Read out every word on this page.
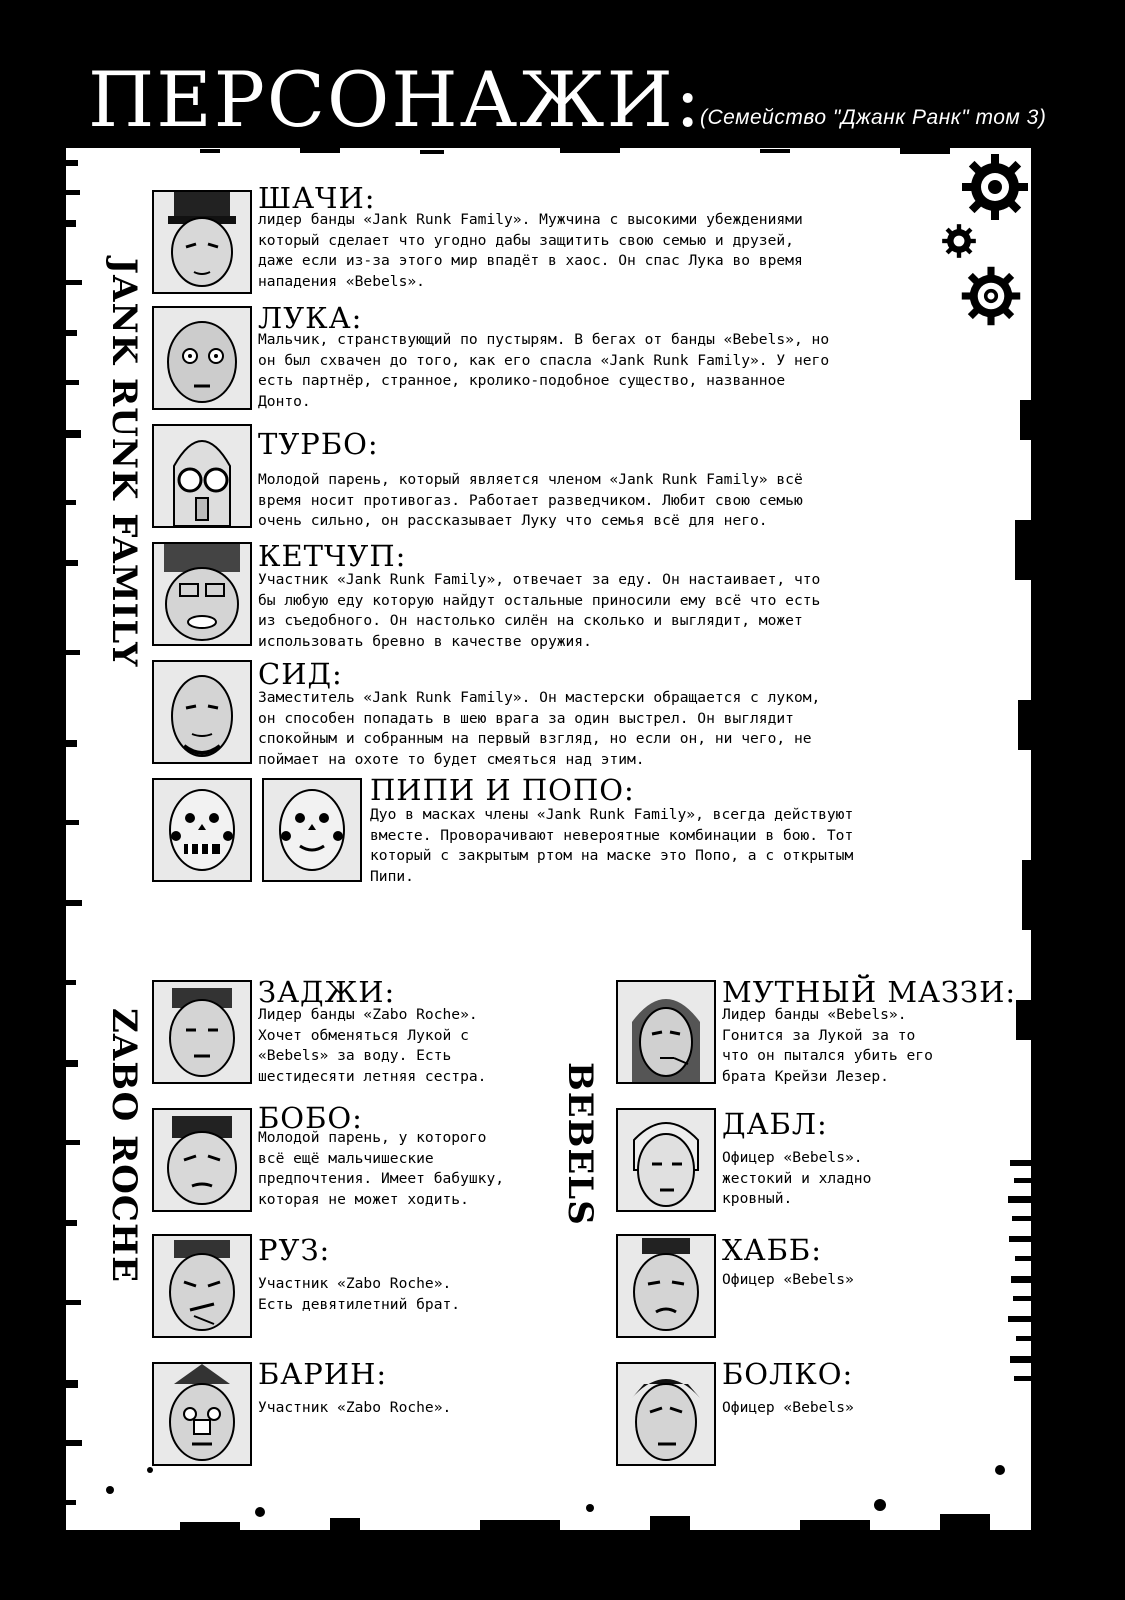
ПЕРСОНАЖИ:
(Семейство "Джанк Ранк" том 3)
JANK RUNK FAMILY
ZABO ROCHE	BEBELS
ШАЧИ:
лидер банды «Jank Runk Family». Мужчина с высокими убеждениями
который сделает что угодно дабы защитить свою семью и друзей,
даже если из-за этого мир впадёт в хаос. Он спас Лука во время
нападения «Bebels».
ЛУКА:
Мальчик, странствующий по пустырям. В бегах от банды «Bebels», но
он был схвачен до того, как его спасла «Jank Runk Family». У него
есть партнёр, странное, кролико-подобное существо, названное
Донто.
ТУРБО:
Молодой парень, который является членом «Jank Runk Family» всё
время носит противогаз. Работает разведчиком. Любит свою семью
очень сильно, он рассказывает Луку что семья всё для него.
КЕТЧУП:
Участник «Jank Runk Family», отвечает за еду. Он настаивает, что
бы любую еду которую найдут остальные приносили ему всё что есть
из съедобного. Он настолько силён на сколько и выглядит, может
использовать бревно в качестве оружия.
СИД:
Заместитель «Jank Runk Family». Он мастерски обращается с луком,
он способен попадать в шею врага за один выстрел. Он выглядит
спокойным и собранным на первый взгляд, но если он, ни чего, не
поймает на охоте то будет смеяться над этим.
ПИПИ И ПОПО:
Дуо в масках члены «Jank Runk Family», всегда действуют
вместе. Проворачивают невероятные комбинации в бою. Тот
который с закрытым ртом на маске это Попо, а с открытым
Пипи.
ЗАДЖИ:
Лидер банды «Zabo Roche».
Хочет обменяться Лукой с
«Bebels» за воду. Есть
шестидесяти летняя сестра.
БОБО:
Молодой парень, у которого
всё ещё мальчишеские
предпочтения. Имеет бабушку,
которая не может ходить.
РУЗ:
Участник «Zabo Roche».
Есть девятилетний брат.
БАРИН:
Участник «Zabo Roche».
МУТНЫЙ МАЗЗИ:
Лидер банды «Bebels».
Гонится за Лукой за то
что он пытался убить его
брата Крейзи Лезер.
ДАБЛ:
Офицер «Bebels».
жестокий и хладно
кровный.
ХАББ:
Офицер «Bebels»
БОЛКО:
Офицер «Bebels»
